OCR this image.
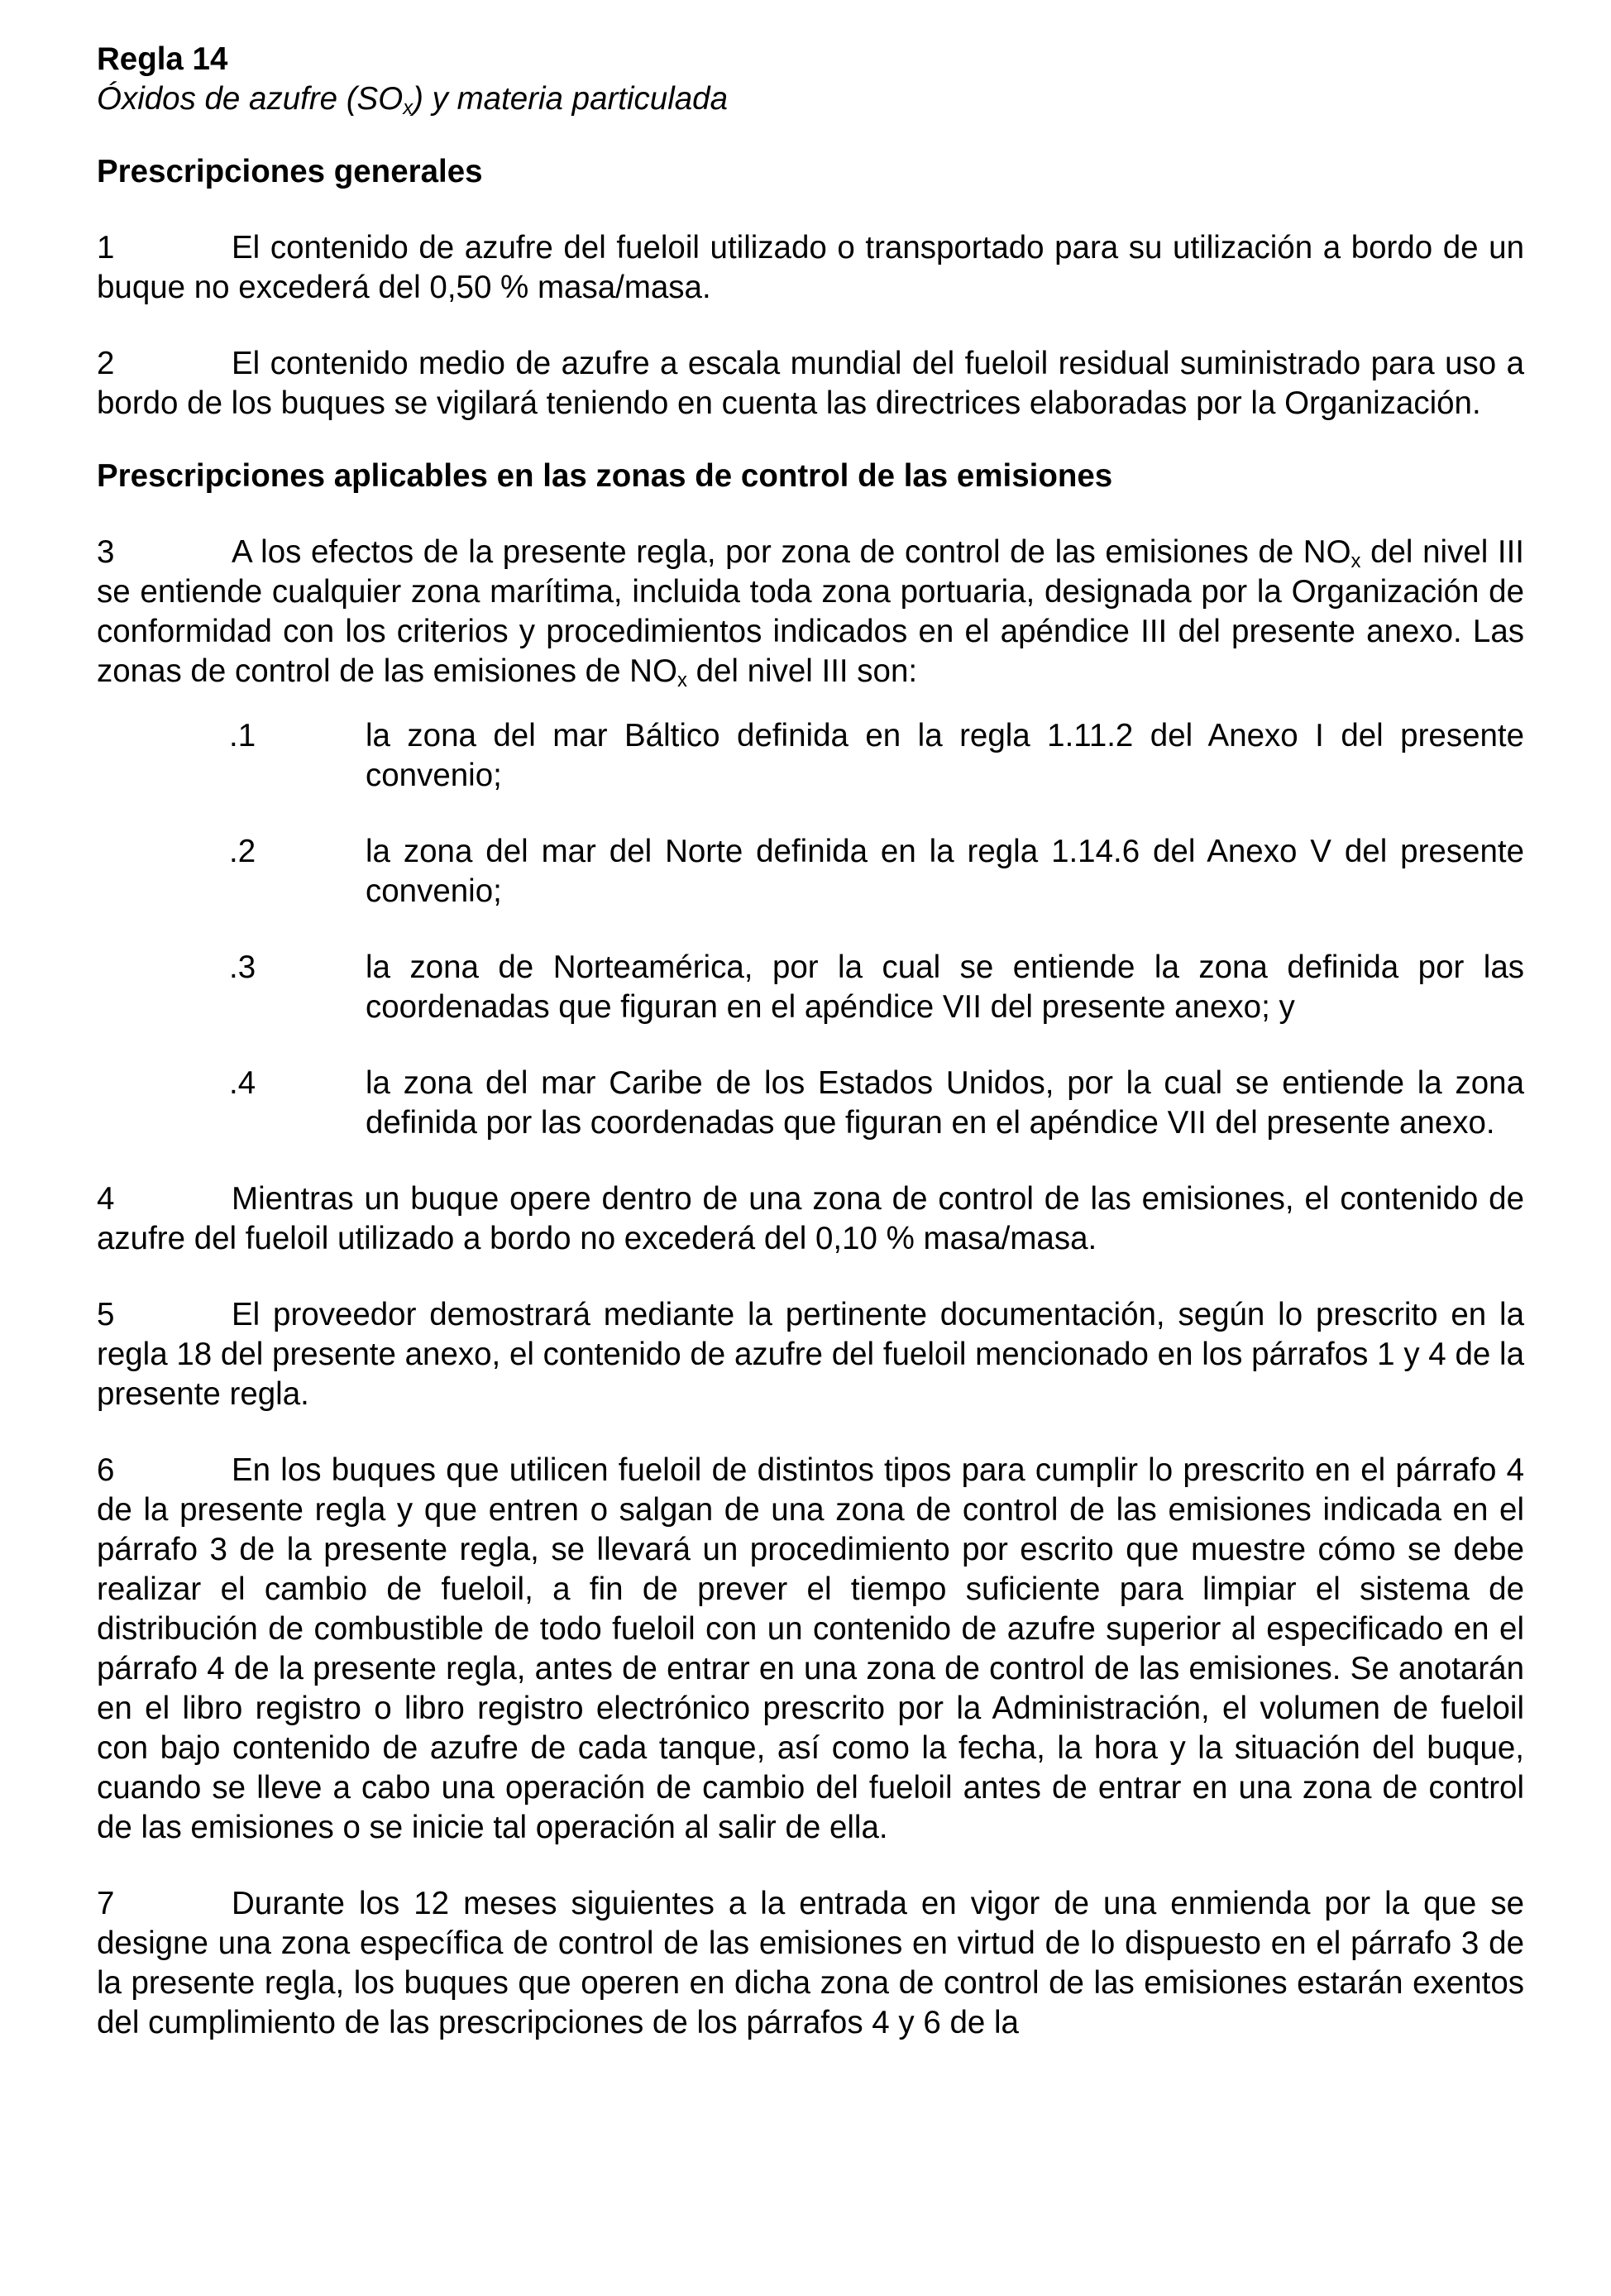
Regla 14
Óxidos de azufre $(SO_x)$ y materia particulada
Prescripciones generales
1	El contenido de azufre del fueloil utilizado o transportado para su utilización a bordo de un buque no excederá del 0,50 % masa/masa.
2	El contenido medio de azufre a escala mundial del fueloil residual suministrado para uso a bordo de los buques se vigilará teniendo en cuenta las directrices elaboradas por la Organización.
Prescripciones aplicables en las zonas de control de las emisiones
3	A los efectos de la presente regla, por zona de control de las emisiones de $NO_x$ del nivel III se entiende cualquier zona marítima, incluida toda zona portuaria, designada por la Organización de conformidad con los criterios y procedimientos indicados en el apéndice III del presente anexo. Las zonas de control de las emisiones de $NO_x$ del nivel III son:
.1	la zona del mar Báltico definida en la regla 1.11.2 del Anexo I del presente convenio;
.2	la zona del mar del Norte definida en la regla 1.14.6 del Anexo V del presente convenio;
.3	la zona de Norteamérica, por la cual se entiende la zona definida por las coordenadas que figuran en el apéndice VII del presente anexo; y
.4	la zona del mar Caribe de los Estados Unidos, por la cual se entiende la zona definida por las coordenadas que figuran en el apéndice VII del presente anexo.
4	Mientras un buque opere dentro de una zona de control de las emisiones, el contenido de azufre del fueloil utilizado a bordo no excederá del 0,10 % masa/masa.
5	El proveedor demostrará mediante la pertinente documentación, según lo prescrito en la regla 18 del presente anexo, el contenido de azufre del fueloil mencionado en los párrafos 1 y 4 de la presente regla.
6	En los buques que utilicen fueloil de distintos tipos para cumplir lo prescrito en el párrafo 4 de la presente regla y que entren o salgan de una zona de control de las emisiones indicada en el párrafo 3 de la presente regla, se llevará un procedimiento por escrito que muestre cómo se debe realizar el cambio de fueloil, a fin de prever el tiempo suficiente para limpiar el sistema de distribución de combustible de todo fueloil con un contenido de azufre superior al especificado en el párrafo 4 de la presente regla, antes de entrar en una zona de control de las emisiones. Se anotarán en el libro registro o libro registro electrónico prescrito por la Administración, el volumen de fueloil con bajo contenido de azufre de cada tanque, así como la fecha, la hora y la situación del buque, cuando se lleve a cabo una operación de cambio del fueloil antes de entrar en una zona de control de las emisiones o se inicie tal operación al salir de ella.
7	Durante los 12 meses siguientes a la entrada en vigor de una enmienda por la que se designe una zona específica de control de las emisiones en virtud de lo dispuesto en el párrafo 3 de la presente regla, los buques que operen en dicha zona de control de las emisiones estarán exentos del cumplimiento de las prescripciones de los párrafos 4 y 6 de la
